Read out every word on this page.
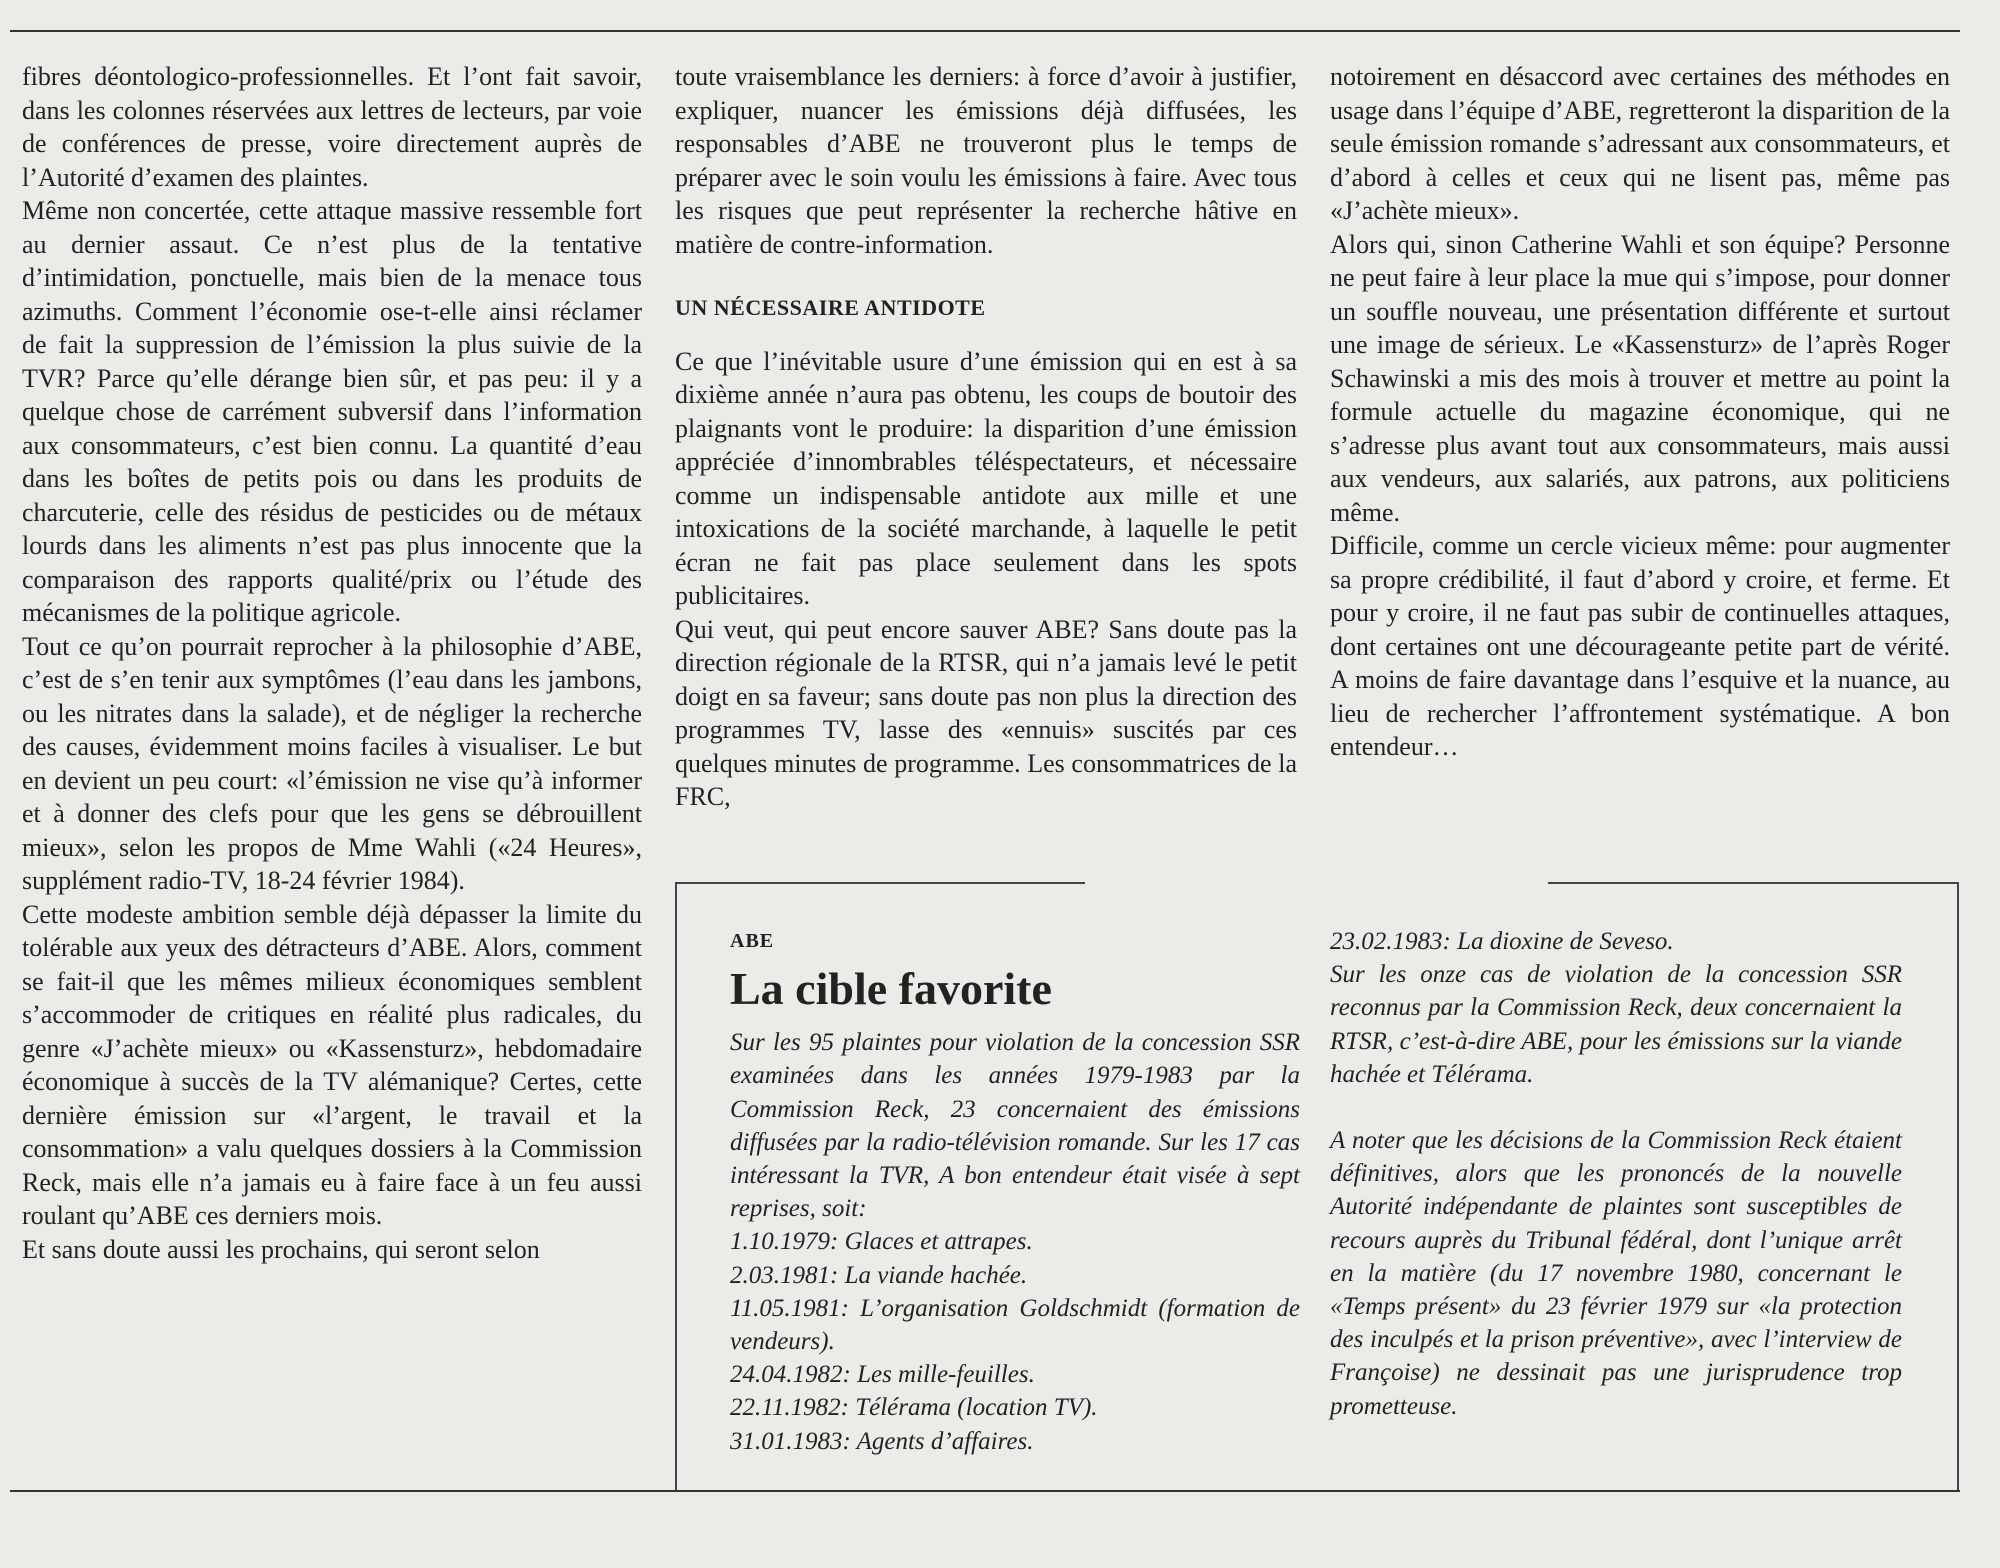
fibres déontologico-professionnelles. Et l’ont fait savoir, dans les colonnes réservées aux lettres de lecteurs, par voie de conférences de presse, voire directement auprès de l’Autorité d’examen des plaintes.

Même non concertée, cette attaque massive ressemble fort au dernier assaut. Ce n’est plus de la tentative d’intimidation, ponctuelle, mais bien de la menace tous azimuths. Comment l’économie ose-t-elle ainsi réclamer de fait la suppression de l’émission la plus suivie de la TVR? Parce qu’elle dérange bien sûr, et pas peu: il y a quelque chose de carrément subversif dans l’information aux consommateurs, c’est bien connu. La quantité d’eau dans les boîtes de petits pois ou dans les produits de charcuterie, celle des résidus de pesticides ou de métaux lourds dans les aliments n’est pas plus innocente que la comparaison des rapports qualité/prix ou l’étude des mécanismes de la politique agricole.

Tout ce qu’on pourrait reprocher à la philosophie d’ABE, c’est de s’en tenir aux symptômes (l’eau dans les jambons, ou les nitrates dans la salade), et de négliger la recherche des causes, évidemment moins faciles à visualiser. Le but en devient un peu court: «l’émission ne vise qu’à informer et à donner des clefs pour que les gens se débrouillent mieux», selon les propos de Mme Wahli («24 Heures», supplément radio-TV, 18-24 février 1984).

Cette modeste ambition semble déjà dépasser la limite du tolérable aux yeux des détracteurs d’ABE. Alors, comment se fait-il que les mêmes milieux économiques semblent s’accommoder de critiques en réalité plus radicales, du genre «J’achète mieux» ou «Kassensturz», hebdomadaire économique à succès de la TV alémanique? Certes, cette dernière émission sur «l’argent, le travail et la consommation» a valu quelques dossiers à la Commission Reck, mais elle n’a jamais eu à faire face à un feu aussi roulant qu’ABE ces derniers mois.

Et sans doute aussi les prochains, qui seront selon

toute vraisemblance les derniers: à force d’avoir à justifier, expliquer, nuancer les émissions déjà diffusées, les responsables d’ABE ne trouveront plus le temps de préparer avec le soin voulu les émissions à faire. Avec tous les risques que peut représenter la recherche hâtive en matière de contre-information.

UN NÉCESSAIRE ANTIDOTE

Ce que l’inévitable usure d’une émission qui en est à sa dixième année n’aura pas obtenu, les coups de boutoir des plaignants vont le produire: la disparition d’une émission appréciée d’innombrables téléspectateurs, et nécessaire comme un indispensable antidote aux mille et une intoxications de la société marchande, à laquelle le petit écran ne fait pas place seulement dans les spots publicitaires.

Qui veut, qui peut encore sauver ABE? Sans doute pas la direction régionale de la RTSR, qui n’a jamais levé le petit doigt en sa faveur; sans doute pas non plus la direction des programmes TV, lasse des «ennuis» suscités par ces quelques minutes de programme. Les consommatrices de la FRC,

notoirement en désaccord avec certaines des méthodes en usage dans l’équipe d’ABE, regretteront la disparition de la seule émission romande s’adressant aux consommateurs, et d’abord à celles et ceux qui ne lisent pas, même pas «J’achète mieux».

Alors qui, sinon Catherine Wahli et son équipe? Personne ne peut faire à leur place la mue qui s’impose, pour donner un souffle nouveau, une présentation différente et surtout une image de sérieux. Le «Kassensturz» de l’après Roger Schawinski a mis des mois à trouver et mettre au point la formule actuelle du magazine économique, qui ne s’adresse plus avant tout aux consommateurs, mais aussi aux vendeurs, aux salariés, aux patrons, aux politiciens même.

Difficile, comme un cercle vicieux même: pour augmenter sa propre crédibilité, il faut d’abord y croire, et ferme. Et pour y croire, il ne faut pas subir de continuelles attaques, dont certaines ont une décourageante petite part de vérité. A moins de faire davantage dans l’esquive et la nuance, au lieu de rechercher l’affrontement systématique. A bon entendeur…

ABE
La cible favorite

Sur les 95 plaintes pour violation de la concession SSR examinées dans les années 1979-1983 par la Commission Reck, 23 concernaient des émissions diffusées par la radio-télévision romande. Sur les 17 cas intéressant la TVR, A bon entendeur était visée à sept reprises, soit:

1.10.1979: Glaces et attrapes.

2.03.1981: La viande hachée.

11.05.1981: L’organisation Goldschmidt (formation de vendeurs).

24.04.1982: Les mille-feuilles.

22.11.1982: Télérama (location TV).

31.01.1983: Agents d’affaires.

23.02.1983: La dioxine de Seveso.

Sur les onze cas de violation de la concession SSR reconnus par la Commission Reck, deux concernaient la RTSR, c’est-à-dire ABE, pour les émissions sur la viande hachée et Télérama.

A noter que les décisions de la Commission Reck étaient définitives, alors que les prononcés de la nouvelle Autorité indépendante de plaintes sont susceptibles de recours auprès du Tribunal fédéral, dont l’unique arrêt en la matière (du 17 novembre 1980, concernant le «Temps présent» du 23 février 1979 sur «la protection des inculpés et la prison préventive», avec l’interview de Françoise) ne dessinait pas une jurisprudence trop prometteuse.
